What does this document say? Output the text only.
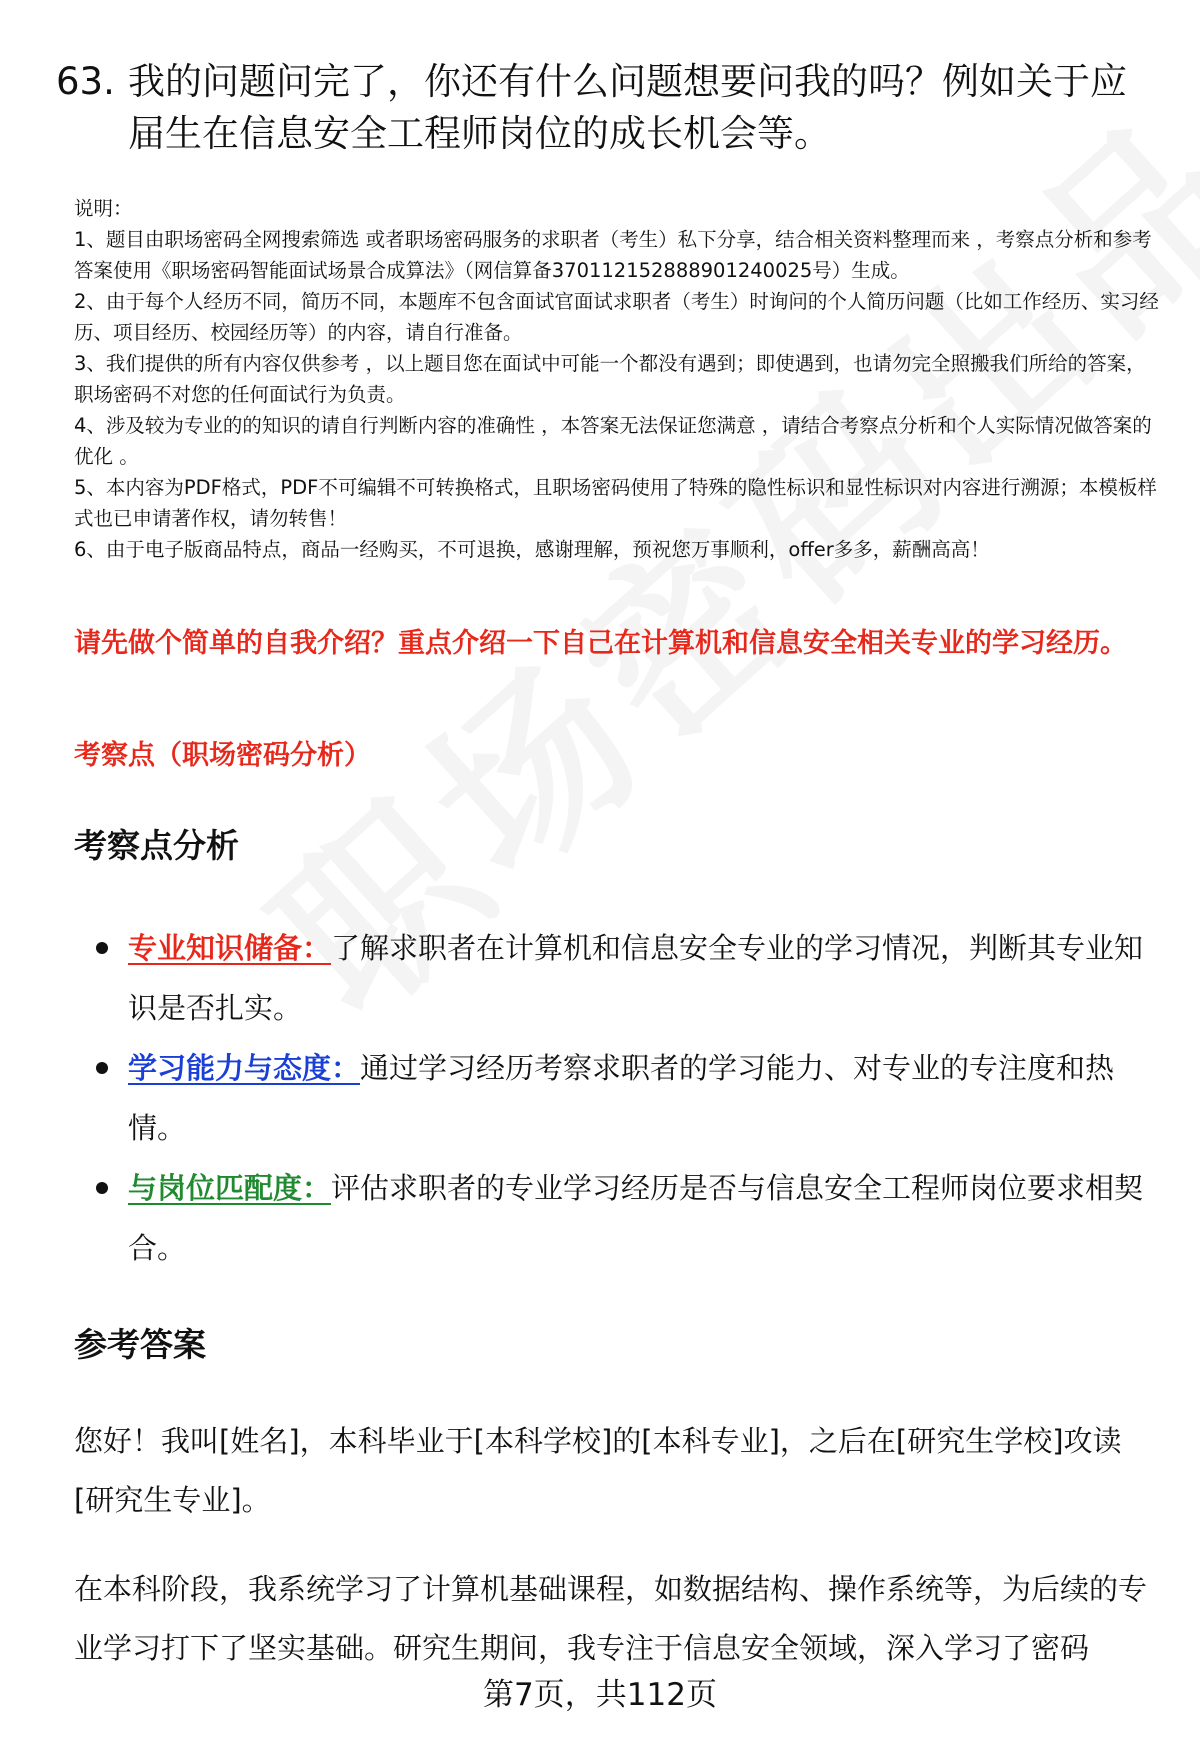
63. 我的问题问完了，你还有什么问题想要问我的吗？例如关于应届生在信息安全工程师岗位的成长机会等。

说明：

1、题目由职场密码全网搜索筛选 或者职场密码服务的求职者（考生）私下分享，结合相关资料整理而来 ，考察点分析和参考答案使用《职场密码智能面试场景合成算法》（网信算备370112152888901240025号）生成。

2、由于每个人经历不同，简历不同，本题库不包含面试官面试求职者（考生）时询问的个人简历问题（比如工作经历、实习经历、项目经历、校园经历等）的内容，请自行准备。

3、我们提供的所有内容仅供参考 ，以上题目您在面试中可能一个都没有遇到；即使遇到，也请勿完全照搬我们所给的答案，职场密码不对您的任何面试行为负责。

4、涉及较为专业的的知识的请自行判断内容的准确性 ，本答案无法保证您满意 ，请结合考察点分析和个人实际情况做答案的优化 。

5、本内容为PDF格式，PDF不可编辑不可转换格式，且职场密码使用了特殊的隐性标识和显性标识对内容进行溯源；本模板样式也已申请著作权，请勿转售！

6、由于电子版商品特点，商品一经购买，不可退换，感谢理解，预祝您万事顺利，offer多多，薪酬高高！

请先做个简单的自我介绍？重点介绍一下自己在计算机和信息安全相关专业的学习经历。
考察点（职场密码分析）
考察点分析
专业知识储备：了解求职者在计算机和信息安全专业的学习情况，判断其专业知识是否扎实。
学习能力与态度：通过学习经历考察求职者的学习能力、对专业的专注度和热情。
与岗位匹配度：评估求职者的专业学习经历是否与信息安全工程师岗位要求相契合。
参考答案

您好！我叫[姓名]，本科毕业于[本科学校]的[本科专业]，之后在[研究生学校]攻读[研究生专业]。

在本科阶段，我系统学习了计算机基础课程，如数据结构、操作系统等，为后续的专业学习打下了坚实基础。研究生期间，我专注于信息安全领域，深入学习了密码

第7页，共112页
